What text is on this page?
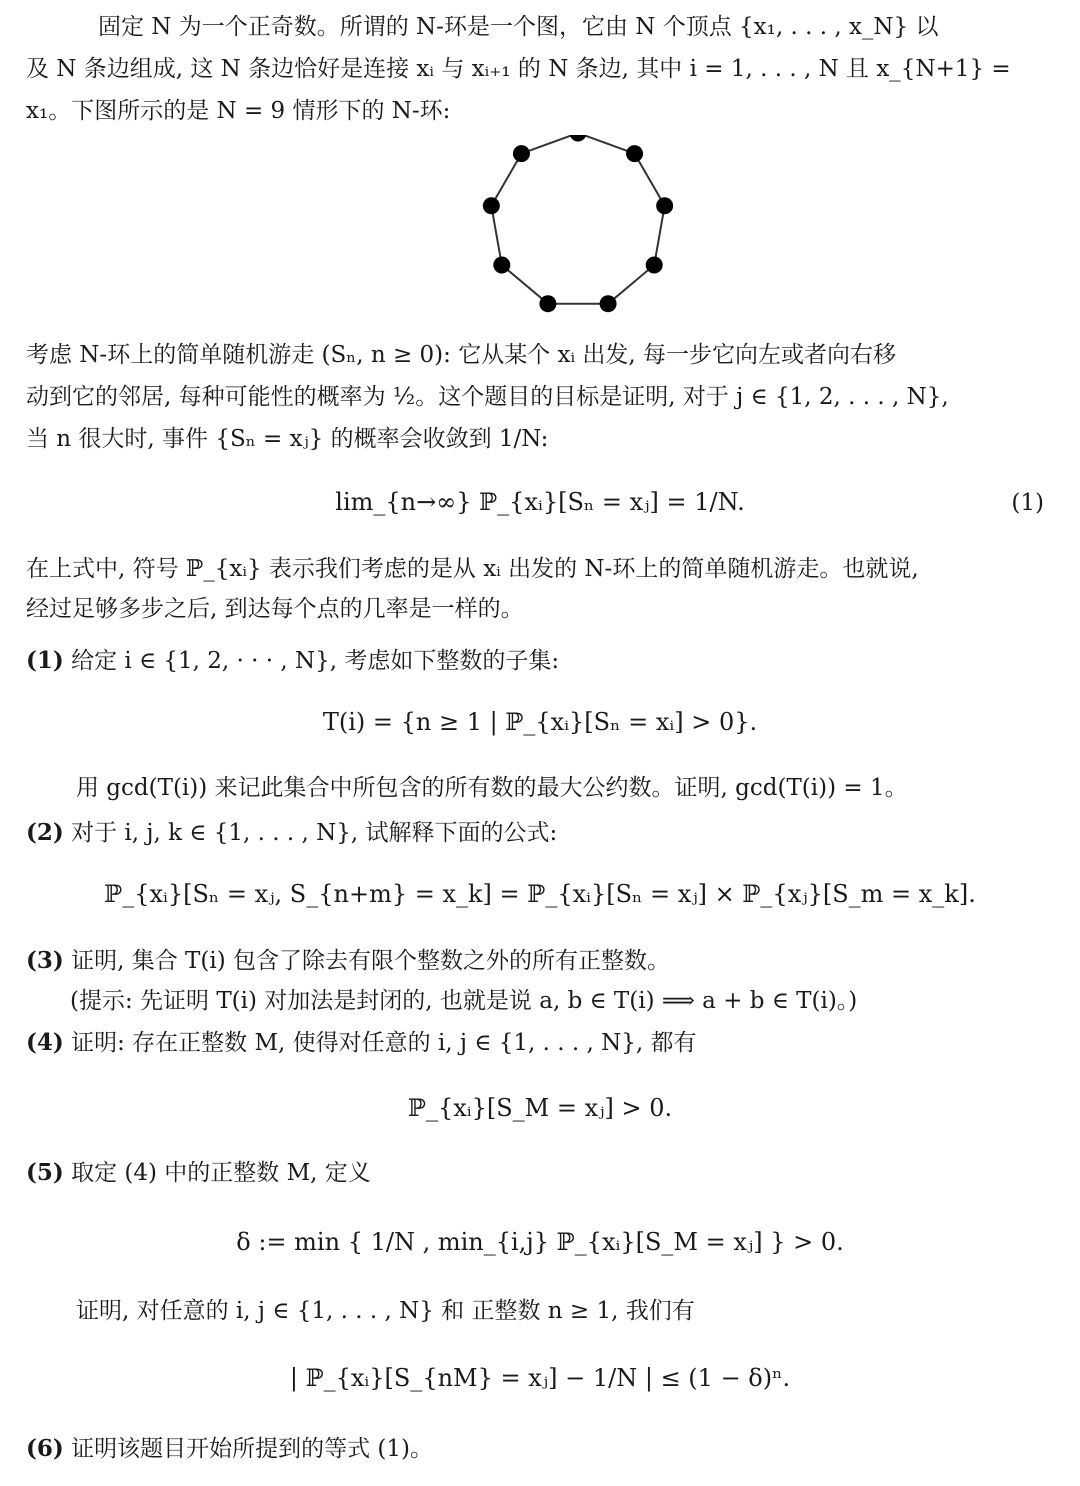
固定 N 为一个正奇数。所谓的 N-环是一个图，它由 N 个顶点 {x₁, . . . , x_N} 以

及 N 条边组成, 这 N 条边恰好是连接 xᵢ 与 xᵢ₊₁ 的 N 条边, 其中 i = 1, . . . , N 且 x_{N+1} =

x₁。下图所示的是 N = 9 情形下的 N-环:

考虑 N-环上的简单随机游走 (Sₙ, n ≥ 0): 它从某个 xᵢ 出发, 每一步它向左或者向右移

动到它的邻居, 每种可能性的概率为 ½。这个题目的目标是证明, 对于 j ∈ {1, 2, . . . , N},

当 n 很大时, 事件 {Sₙ = xⱼ} 的概率会收敛到 1/N:

lim_{n→∞} ℙ_{xᵢ}[Sₙ = xⱼ] = 1/N.	(1)

在上式中, 符号 ℙ_{xᵢ} 表示我们考虑的是从 xᵢ 出发的 N-环上的简单随机游走。也就说,

经过足够多步之后, 到达每个点的几率是一样的。

(1) 给定 i ∈ {1, 2, · · · , N}, 考虑如下整数的子集:

T(i) = {n ≥ 1 | ℙ_{xᵢ}[Sₙ = xᵢ] > 0}.
用 gcd(T(i)) 来记此集合中所包含的所有数的最大公约数。证明, gcd(T(i)) = 1。

(2) 对于 i, j, k ∈ {1, . . . , N}, 试解释下面的公式:

ℙ_{xᵢ}[Sₙ = xⱼ, S_{n+m} = x_k] = ℙ_{xᵢ}[Sₙ = xⱼ] × ℙ_{xⱼ}[S_m = x_k].

(3) 证明, 集合 T(i) 包含了除去有限个整数之外的所有正整数。

(提示: 先证明 T(i) 对加法是封闭的, 也就是说 a, b ∈ T(i) ⟹ a + b ∈ T(i)。)

(4) 证明: 存在正整数 M, 使得对任意的 i, j ∈ {1, . . . , N}, 都有

ℙ_{xᵢ}[S_M = xⱼ] > 0.

(5) 取定 (4) 中的正整数 M, 定义

δ := min { 1/N , min_{i,j} ℙ_{xᵢ}[S_M = xⱼ] } > 0.
证明, 对任意的 i, j ∈ {1, . . . , N} 和 正整数 n ≥ 1, 我们有
| ℙ_{xᵢ}[S_{nM} = xⱼ] − 1/N | ≤ (1 − δ)ⁿ.

(6) 证明该题目开始所提到的等式 (1)。
